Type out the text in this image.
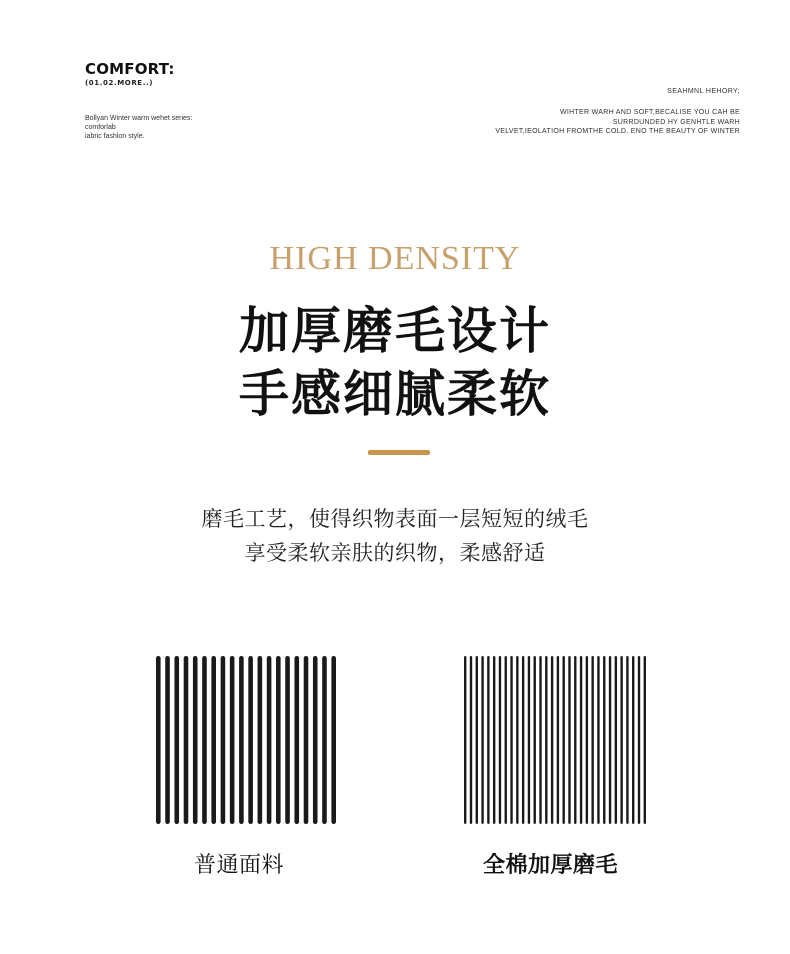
COMFORT:
(01.02.MORE..)
Bollyan Winter warm wehet series:
comforlab
iabric fashlon style.
SEAHMNL HEHORY;
WIHTER WARH AND SOFT,BECALISE YOU CAH BE
SURRDUNDED HY GENHTLE WARH
VELVET,IEOLATIOH FROMTHE COLD. ENO THE BEAUTY OF WINTER
HIGH DENSITY
加厚磨毛设计
手感细腻柔软
磨毛工艺，使得织物表面一层短短的绒毛
享受柔软亲肤的织物，柔感舒适
普通面料	全棉加厚磨毛
